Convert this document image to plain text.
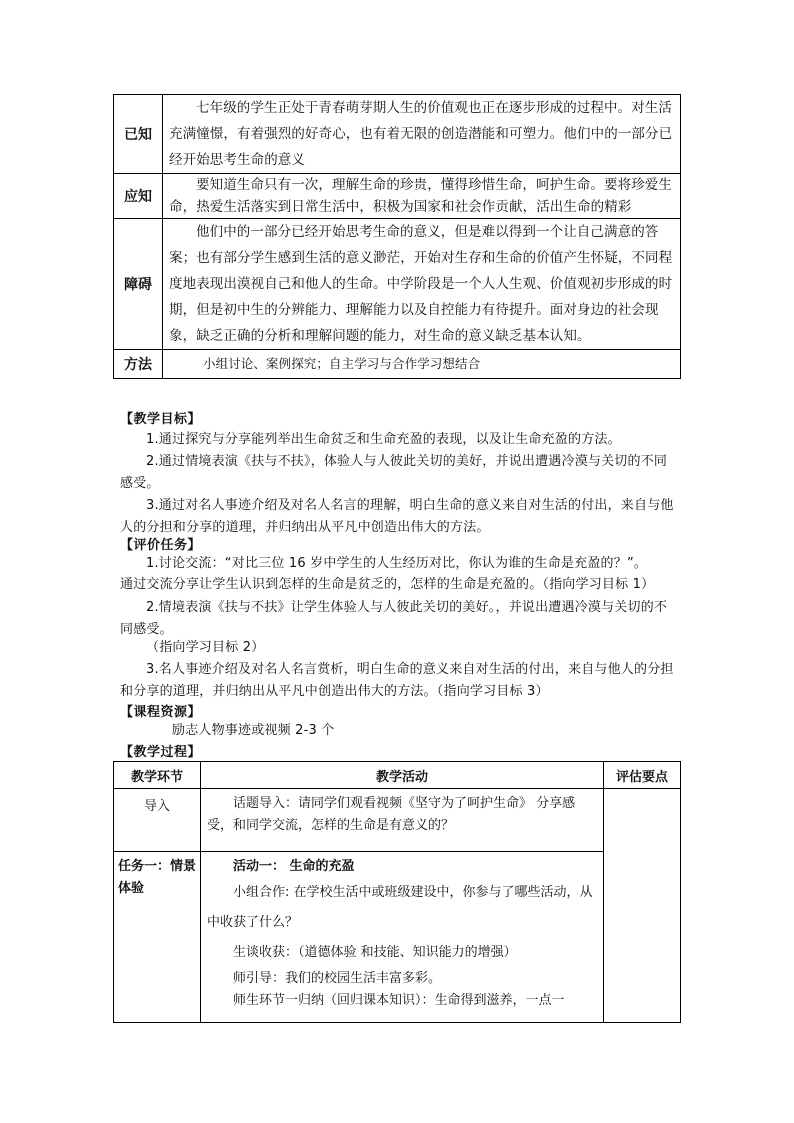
已知	七年级的学生正处于青春萌芽期人生的价值观也正在逐步形成的过程中。对生活充满憧憬，有着强烈的好奇心，也有着无限的创造潜能和可塑力。他们中的一部分已经开始思考生命的意义
应知	要知道生命只有一次，理解生命的珍贵，懂得珍惜生命，呵护生命。要将珍爱生命，热爱生活落实到日常生活中，积极为国家和社会作贡献，活出生命的精彩
障碍	他们中的一部分已经开始思考生命的意义，但是难以得到一个让自己满意的答案；也有部分学生感到生活的意义渺茫，开始对生存和生命的价值产生怀疑，不同程度地表现出漠视自己和他人的生命。中学阶段是一个人人生观、价值观初步形成的时期，但是初中生的分辨能力、理解能力以及自控能力有待提升。面对身边的社会现象，缺乏正确的分析和理解问题的能力，对生命的意义缺乏基本认知。
方法	小组讨论、案例探究；自主学习与合作学习想结合
【教学目标】
1.通过探究与分享能列举出生命贫乏和生命充盈的表现，以及让生命充盈的方法。
2.通过情境表演《扶与不扶》，体验人与人彼此关切的美好，并说出遭遇冷漠与关切的不同感受。
3.通过对名人事迹介绍及对名人名言的理解，明白生命的意义来自对生活的付出，来自与他人的分担和分享的道理，并归纳出从平凡中创造出伟大的方法。
【评价任务】
1.讨论交流：“对比三位 16 岁中学生的人生经历对比，你认为谁的生命是充盈的？”。
通过交流分享让学生认识到怎样的生命是贫乏的，怎样的生命是充盈的。（指向学习目标 1）
2.情境表演《扶与不扶》让学生体验人与人彼此关切的美好。，并说出遭遇冷漠与关切的不同感受。
（指向学习目标 2）
3.名人事迹介绍及对名人名言赏析，明白生命的意义来自对生活的付出，来自与他人的分担和分享的道理，并归纳出从平凡中创造出伟大的方法。（指向学习目标 3）
【课程资源】
励志人物事迹或视频 2-3 个
【教学过程】
教学环节	教学活动	评估要点
导入	话题导入：请同学们观看视频《坚守为了呵护生命》 分享感受，和同学交流，怎样的生命是有意义的？	

任务一：情景体验	活动一： 生命的充盈
小组合作: 在学校生活中或班级建设中，你参与了哪些活动，从中收获了什么？
生谈收获：（道德体验 和技能、知识能力的增强）
师引导：我们的校园生活丰富多彩。
师生环节一归纳（回归课本知识）：生命得到滋养，一点一	
